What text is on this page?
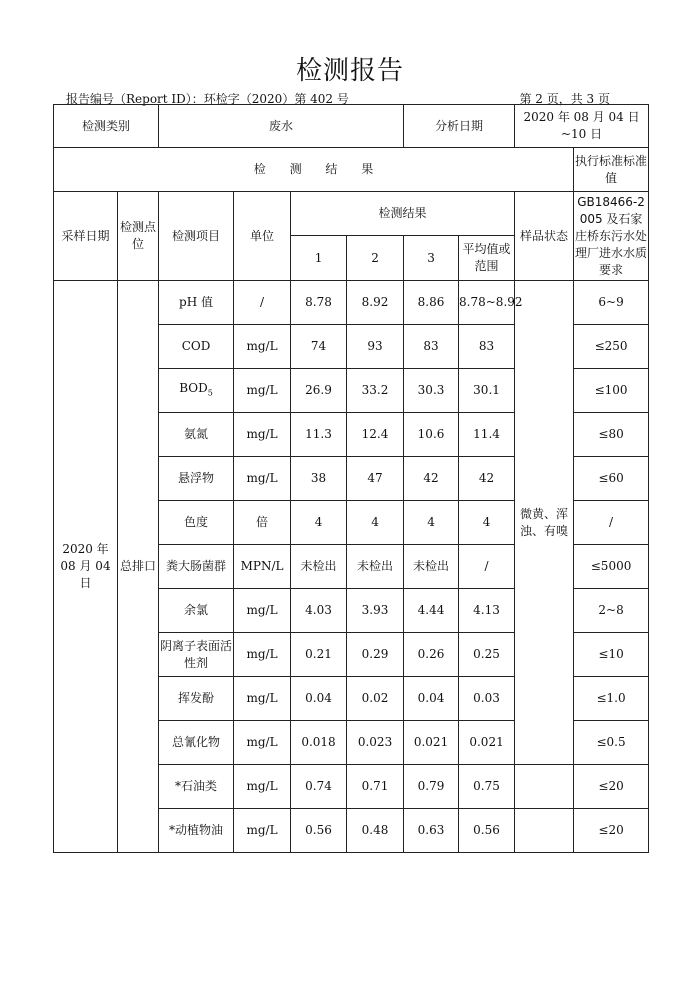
检测报告
报告编号（Report ID）：环检字（2020）第 402 号	第 2 页，共 3 页
检测类别		废水				分析日期		2020 年 08 月 04 日~10 日	
检 测 结 果									执行标准标准值
采样日期	检测点位	检测项目	单位	检测结果				样品状态	GB18466-2005 及石家庄桥东污水处理厂进水水质要求
				1	2	3	平均值或范围		
2020 年 08 月 04 日	总排口	pH 值	/	8.78	8.92	8.86	8.78~8.92	微黄、浑浊、有嗅	6~9
		COD	mg/L	74	93	83	83		≤250
		$BOD_5$	mg/L	26.9	33.2	30.3	30.1		≤100
		氨氮	mg/L	11.3	12.4	10.6	11.4		≤80
		悬浮物	mg/L	38	47	42	42		≤60
		色度	倍	4	4	4	4		/
		粪大肠菌群	MPN/L	未检出	未检出	未检出	/		≤5000
		余氯	mg/L	4.03	3.93	4.44	4.13		2~8
		阴离子表面活性剂	mg/L	0.21	0.29	0.26	0.25		≤10
		挥发酚	mg/L	0.04	0.02	0.04	0.03		≤1.0
		总氰化物	mg/L	0.018	0.023	0.021	0.021		≤0.5
		*石油类	mg/L	0.74	0.71	0.79	0.75		≤20
		*动植物油	mg/L	0.56	0.48	0.63	0.56		≤20
